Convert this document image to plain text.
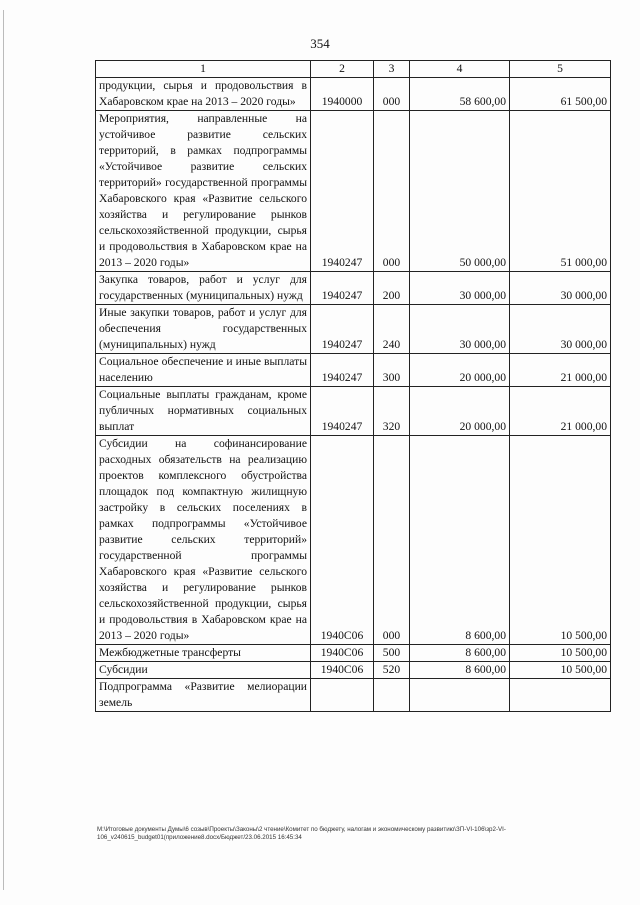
354
1	2	3	4	5
продукции, сырья и продовольствия в Хабаровском крае на 2013 – 2020 годы»	1940000	000	58 600,00	61 500,00
Мероприятия, направленные на устойчивое развитие сельских территорий, в рамках подпрограммы «Устойчивое развитие сельских территорий» государственной программы Хабаровского края «Развитие сельского хозяйства и регулирование рынков сельскохозяйственной продукции, сырья и продовольствия в Хабаровском крае на 2013 – 2020 годы»	1940247	000	50 000,00	51 000,00
Закупка товаров, работ и услуг для государственных (муниципальных) нужд	1940247	200	30 000,00	30 000,00
Иные закупки товаров, работ и услуг для обеспечения государственных (муниципальных) нужд	1940247	240	30 000,00	30 000,00
Социальное обеспечение и иные выплаты населению	1940247	300	20 000,00	21 000,00
Социальные выплаты гражданам, кроме публичных нормативных социальных выплат	1940247	320	20 000,00	21 000,00
Субсидии на софинансирование расходных обязательств на реализацию проектов комплексного обустройства площадок под компактную жилищную застройку в сельских поселениях в рамках подпрограммы «Устойчивое развитие сельских территорий» государственной программы Хабаровского края «Развитие сельского хозяйства и регулирование рынков сельскохозяйственной продукции, сырья и продовольствия в Хабаровском крае на 2013 – 2020 годы»	1940С06	000	8 600,00	10 500,00
Межбюджетные трансферты	1940С06	500	8 600,00	10 500,00
Субсидии	1940С06	520	8 600,00	10 500,00
Подпрограмма «Развитие мелиорации земель				
М:\Итоговые документы Думы\6 созыв\Проекты\Законы\2 чтение\Комитет по бюджету, налогам и экономическому развитию\ЗП-VI-106\зр2-VI-106_v240615_budget01(приложение8.docx/Бюджет/23.06.2015 16:45:34
